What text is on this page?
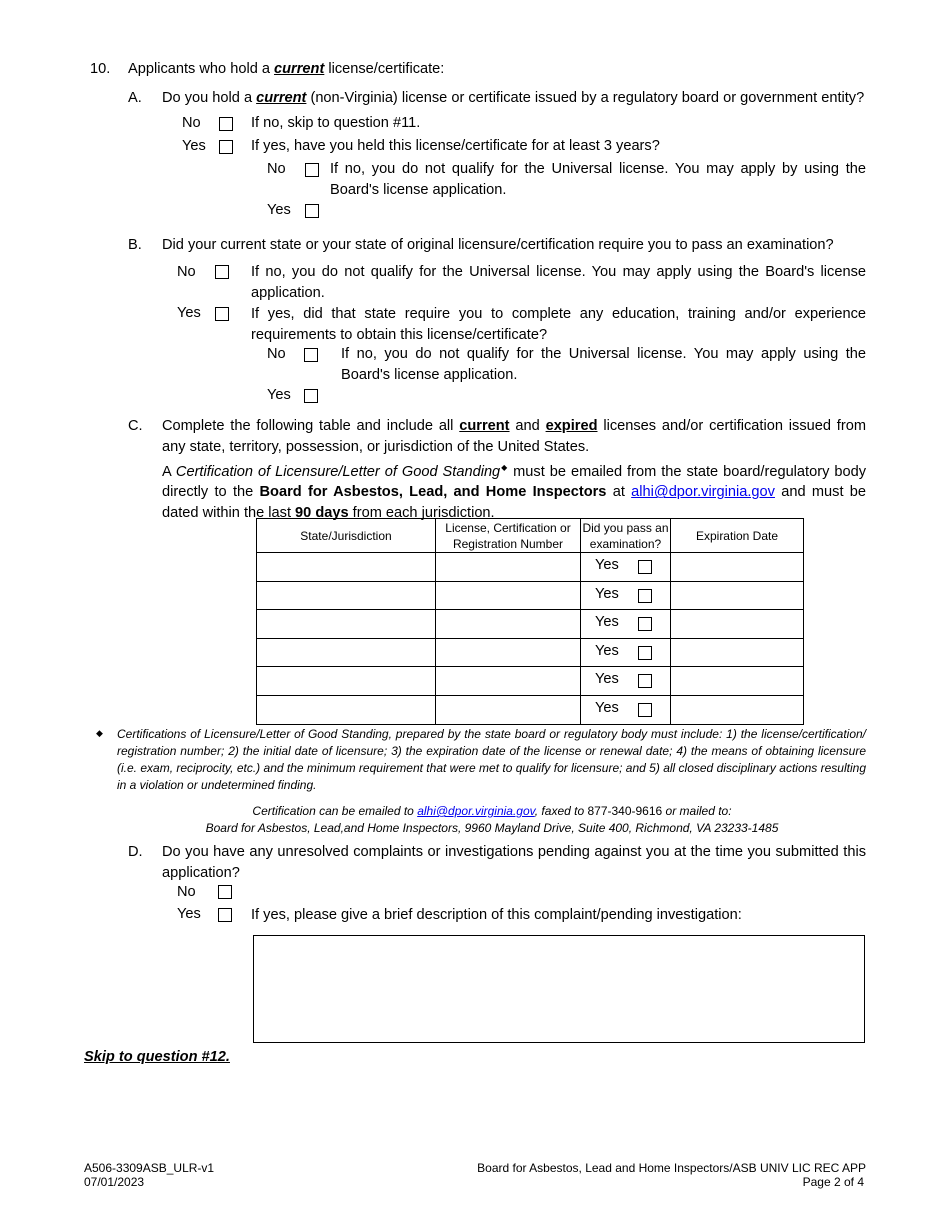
10. Applicants who hold a current license/certificate:
A. Do you hold a current (non-Virginia) license or certificate issued by a regulatory board or government entity?
No	If no, skip to question #11.
Yes	If yes, have you held this license/certificate for at least 3 years?
No	If no, you do not qualify for the Universal license. You may apply by using the Board's license application.
Yes
B. Did your current state or your state of original licensure/certification require you to pass an examination?
No	If no, you do not qualify for the Universal license. You may apply using the Board's license application.
Yes	If yes, did that state require you to complete any education, training and/or experience requirements to obtain this license/certificate?
No	If no, you do not qualify for the Universal license. You may apply using the Board's license application.
Yes
C. Complete the following table and include all current and expired licenses and/or certification issued from any state, territory, possession, or jurisdiction of the United States.
A Certification of Licensure/Letter of Good Standing◆ must be emailed from the state board/regulatory body directly to the Board for Asbestos, Lead, and Home Inspectors at alhi@dpor.virginia.gov and must be dated within the last 90 days from each jurisdiction.
State/Jurisdiction	License, Certification or Registration Number	Did you pass an examination?	Expiration Date

		Yes	

		Yes	

		Yes	

		Yes	

		Yes	

		Yes	

◆ Certifications of Licensure/Letter of Good Standing, prepared by the state board or regulatory body must include: 1) the license/certification/ registration number; 2) the initial date of licensure; 3) the expiration date of the license or renewal date; 4) the means of obtaining licensure (i.e. exam, reciprocity, etc.) and the minimum requirement that were met to qualify for licensure; and 5) all closed disciplinary actions resulting in a violation or undetermined finding.
Certification can be emailed to alhi@dpor.virginia.gov, faxed to 877-340-9616 or mailed to:
Board for Asbestos, Lead,and Home Inspectors, 9960 Mayland Drive, Suite 400, Richmond, VA 23233-1485
D. Do you have any unresolved complaints or investigations pending against you at the time you submitted this application?
No
Yes	If yes, please give a brief description of this complaint/pending investigation:
Skip to question #12.
A506-3309ASB_ULR-v1
07/01/2023
Board for Asbestos, Lead and Home Inspectors/ASB UNIV LIC REC APP
Page 2 of 4
